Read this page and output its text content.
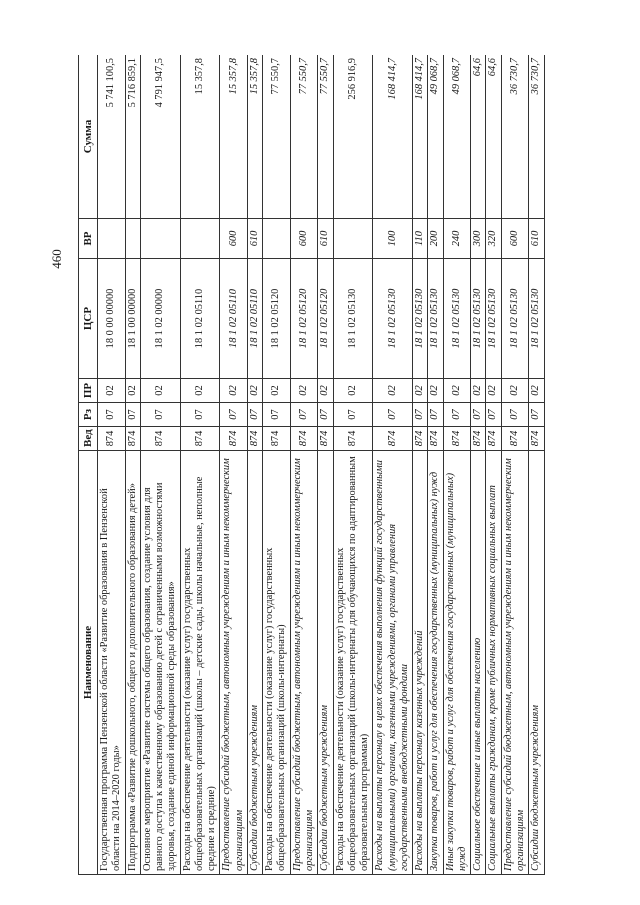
460
Наименование	Вед	Рз	ПР	ЦСР	ВР	Сумма
Государственная программа Пензенской области «Развитие образования в Пензенской области на 2014–2020 годы»	874	07	02	18 0 00 00000		5 741 100,5
Подпрограмма «Развитие дошкольного, общего и дополнительного образования детей»	874	07	02	18 1 00 00000		5 716 859,1
Основное мероприятие «Развитие системы общего образования, создание условия для равного доступа к качественному образованию детей с ограниченными возможностями здоровья, создание единой информационной среды образования»	874	07	02	18 1 02 00000		4 791 947,5
Расходы на обеспечение деятельности (оказание услуг) государственных общеобразовательных организаций (школы – детские сады, школы начальные, неполные средние и средние)	874	07	02	18 1 02 05110		15 357,8
Предоставление субсидий бюджетным, автономным учреждениям и иным некоммерческим организациям	874	07	02	18 1 02 05110	600	15 357,8
Субсидии бюджетным учреждениям	874	07	02	18 1 02 05110	610	15 357,8
Расходы на обеспечение деятельности (оказание услуг) государственных общеобразовательных организаций (школы-интернаты)	874	07	02	18 1 02 05120		77 550,7
Предоставление субсидий бюджетным, автономным учреждениям и иным некоммерческим организациям	874	07	02	18 1 02 05120	600	77 550,7
Субсидии бюджетным учреждениям	874	07	02	18 1 02 05120	610	77 550,7
Расходы на обеспечение деятельности (оказание услуг) государственных общеобразовательных организаций (школы-интернаты для обучающихся по адаптированным образовательным программам)	874	07	02	18 1 02 05130		256 916,9
Расходы на выплаты персоналу в целях обеспечения выполнения функций государственными (муниципальными) органами, казенными учреждениями, органами управления государственными внебюджетными фондами	874	07	02	18 1 02 05130	100	168 414,7
Расходы на выплаты персоналу казенных учреждений	874	07	02	18 1 02 05130	110	168 414,7
Закупка товаров, работ и услуг для обеспечения государственных (муниципальных) нужд	874	07	02	18 1 02 05130	200	49 068,7
Иные закупки товаров, работ и услуг для обеспечения государственных (муниципальных) нужд	874	07	02	18 1 02 05130	240	49 068,7
Социальное обеспечение и иные выплаты населению	874	07	02	18 1 02 05130	300	64,6
Социальные выплаты гражданам, кроме публичных нормативных социальных выплат	874	07	02	18 1 02 05130	320	64,6
Предоставление субсидий бюджетным, автономным учреждениям и иным некоммерческим организациям	874	07	02	18 1 02 05130	600	36 730,7
Субсидии бюджетным учреждениям	874	07	02	18 1 02 05130	610	36 730,7
